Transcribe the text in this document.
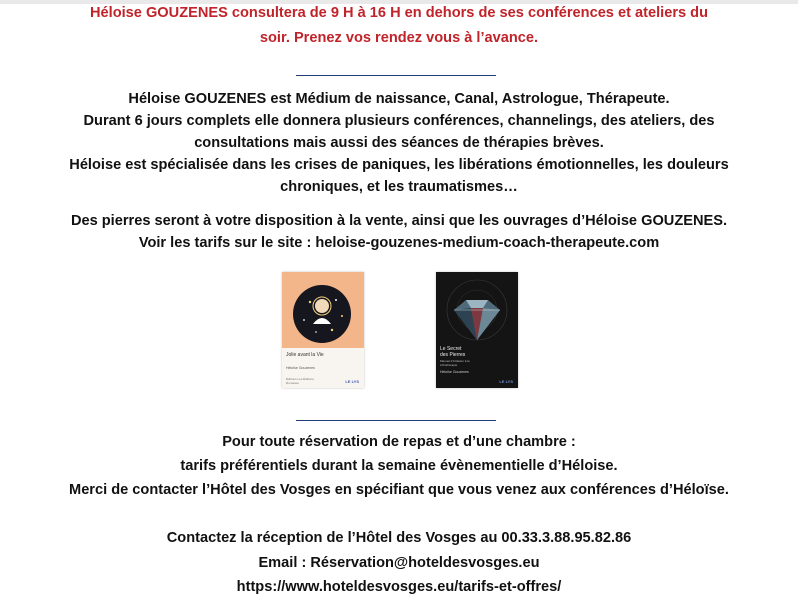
Héloise GOUZENES consultera de 9 H à 16 H en dehors de ses conférences et ateliers du
soir. Prenez vos rendez vous à l’avance.
Héloise GOUZENES est Médium de naissance, Canal, Astrologue, Thérapeute.
Durant 6 jours complets elle donnera plusieurs conférences, channelings, des ateliers, des
consultations mais aussi des séances de thérapies brèves.
Héloise est spécialisée dans les crises de paniques, les libérations émotionnelles, les douleurs
chroniques, et les traumatismes…
Des pierres seront à votre disposition à la vente, ainsi que les ouvrages d’Héloise GOUZENES.
Voir les tarifs sur le site : heloise-gouzenes-medium-coach-therapeute.com
Jolie avant la Vie
Héloïse Gouzenes
Éditions Les Éditions Romanes	LE LYS
Le Secret des Pierres
Manuel d'initiation à la Lithothérapie
Héloïse Gouzenes
LE LYS
Pour toute réservation de repas et d’une chambre :
tarifs préférentiels durant la semaine évènementielle d’Héloise.
Merci de contacter l’Hôtel des Vosges en spécifiant que vous venez aux conférences d’Héloïse.
Contactez la réception de l’Hôtel des Vosges au 00.33.3.88.95.82.86
Email : Réservation@hoteldesvosges.eu
https://www.hoteldesvosges.eu/tarifs-et-offres/
